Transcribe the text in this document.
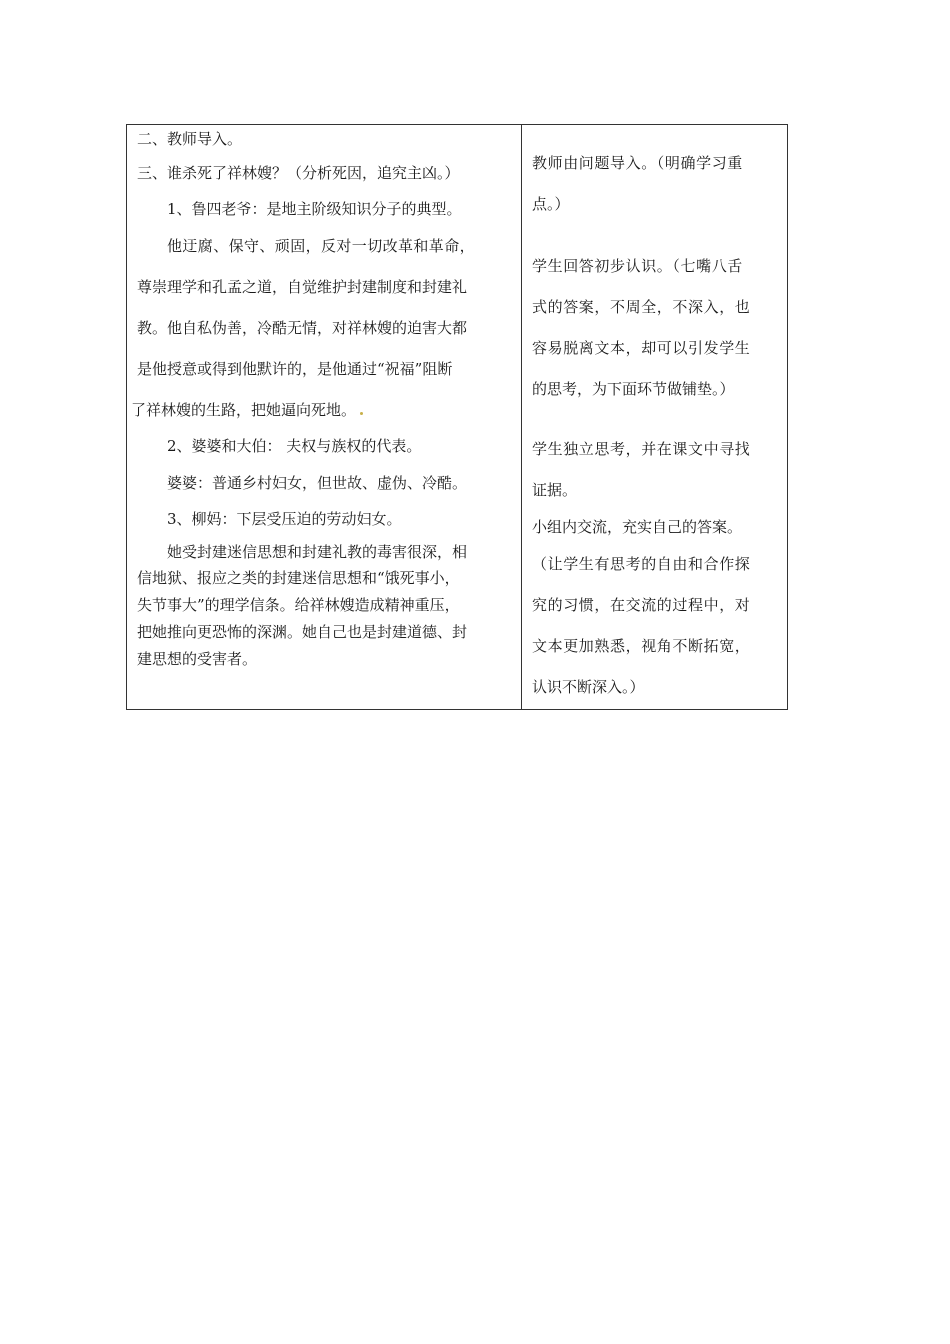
二、教师导入。
三、谁杀死了祥林嫂？（分析死因，追究主凶。）
1、鲁四老爷：是地主阶级知识分子的典型。
他迂腐、保守、顽固，反对一切改革和革命，
尊崇理学和孔孟之道，自觉维护封建制度和封建礼
教。他自私伪善，冷酷无情，对祥林嫂的迫害大都
是他授意或得到他默许的，是他通过“祝福”阻断
了祥林嫂的生路，把她逼向死地。
2、婆婆和大伯： 夫权与族权的代表。
婆婆：普通乡村妇女，但世故、虚伪、冷酷。
3、柳妈：下层受压迫的劳动妇女。
她受封建迷信思想和封建礼教的毒害很深，相
信地狱、报应之类的封建迷信思想和“饿死事小，
失节事大”的理学信条。给祥林嫂造成精神重压，
把她推向更恐怖的深渊。她自己也是封建道德、封
建思想的受害者。
教师由问题导入。（明确学习重
点。）
学生回答初步认识。（七嘴八舌
式的答案，不周全，不深入，也
容易脱离文本，却可以引发学生
的思考，为下面环节做铺垫。）
学生独立思考，并在课文中寻找
证据。
小组内交流，充实自己的答案。
（让学生有思考的自由和合作探
究的习惯，在交流的过程中，对
文本更加熟悉，视角不断拓宽，
认识不断深入。）
